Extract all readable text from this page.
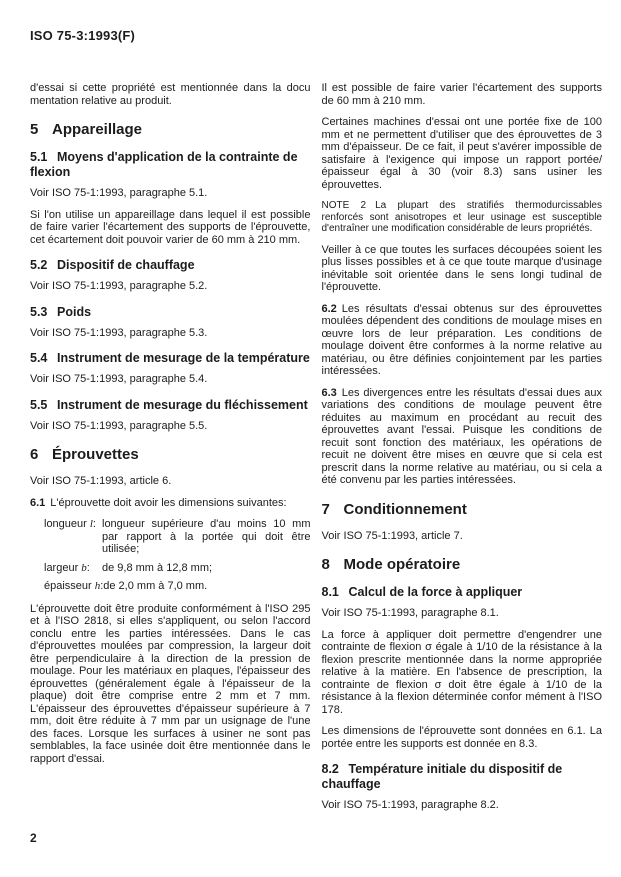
ISO 75-3:1993(F)

d'essai si cette propriété est mentionnée dans la docu mentation relative au produit.

5 Appareillage
5.1 Moyens d'application de la contrainte de flexion

Voir ISO 75-1:1993, paragraphe 5.1.

Si l'on utilise un appareillage dans lequel il est possible de faire varier l'écartement des supports de l'éprouvette, cet écartement doit pouvoir varier de 60 mm à 210 mm.

5.2 Dispositif de chauffage

Voir ISO 75-1:1993, paragraphe 5.2.

5.3 Poids

Voir ISO 75-1:1993, paragraphe 5.3.

5.4 Instrument de mesurage de la température

Voir ISO 75-1:1993, paragraphe 5.4.

5.5 Instrument de mesurage du fléchissement

Voir ISO 75-1:1993, paragraphe 5.5.

6 Éprouvettes

Voir ISO 75-1:1993, article 6.

6.1 L'éprouvette doit avoir les dimensions suivantes:

longueur l: longueur supérieure d'au moins 10 mm par rapport à la portée qui doit être utilisée;
largeur b:	de 9,8 mm à 12,8 mm;
épaisseur h: de 2,0 mm à 7,0 mm.

L'éprouvette doit être produite conformément à l'ISO 295 et à l'ISO 2818, si elles s'appliquent, ou selon l'accord conclu entre les parties intéressées. Dans le cas d'éprouvettes moulées par compression, la largeur doit être perpendiculaire à la direction de la pression de moulage. Pour les matériaux en plaques, l'épaisseur des éprouvettes (généralement égale à l'épaisseur de la plaque) doit être comprise entre 2 mm et 7 mm. L'épaisseur des éprouvettes d'épaisseur supérieure à 7 mm, doit être réduite à 7 mm par un usignage de l'une des faces. Lorsque les surfaces à usiner ne sont pas semblables, la face usinée doit être mentionnée dans le rapport d'essai.

Il est possible de faire varier l'écartement des supports de 60 mm à 210 mm.

Certaines machines d'essai ont une portée fixe de 100 mm et ne permettent d'utiliser que des éprouvettes de 3 mm d'épaisseur. De ce fait, il peut s'avérer impossible de satisfaire à l'exigence qui impose un rapport portée/épaisseur égal à 30 (voir 8.3) sans usiner les éprouvettes.

NOTE 2 La plupart des stratifiés thermodurcissables renforcés sont anisotropes et leur usinage est susceptible d'entraîner une modification considérable de leurs propriétés.

Veiller à ce que toutes les surfaces découpées soient les plus lisses possibles et à ce que toute marque d'usinage inévitable soit orientée dans le sens longi tudinal de l'éprouvette.

6.2 Les résultats d'essai obtenus sur des éprouvettes moulées dépendent des conditions de moulage mises en œuvre lors de leur préparation. Les conditions de moulage doivent être conformes à la norme relative au matériau, ou être définies conjointement par les parties intéressées.

6.3 Les divergences entre les résultats d'essai dues aux variations des conditions de moulage peuvent être réduites au maximum en procédant au recuit des éprouvettes avant l'essai. Puisque les conditions de recuit sont fonction des matériaux, les opérations de recuit ne doivent être mises en œuvre que si cela est prescrit dans la norme relative au matériau, ou si cela a été convenu par les parties intéressées.

7 Conditionnement

Voir ISO 75-1:1993, article 7.

8 Mode opératoire
8.1 Calcul de la force à appliquer

Voir ISO 75-1:1993, paragraphe 8.1.

La force à appliquer doit permettre d'engendrer une contrainte de flexion σ égale à 1/10 de la résistance à la flexion prescrite mentionnée dans la norme appropriée relative à la matière. En l'absence de prescription, la contrainte de flexion σ doit être égale à 1/10 de la résistance à la flexion déterminée confor mément à l'ISO 178.

Les dimensions de l'éprouvette sont données en 6.1. La portée entre les supports est donnée en 8.3.

8.2 Température initiale du dispositif de chauffage

Voir ISO 75-1:1993, paragraphe 8.2.

2
